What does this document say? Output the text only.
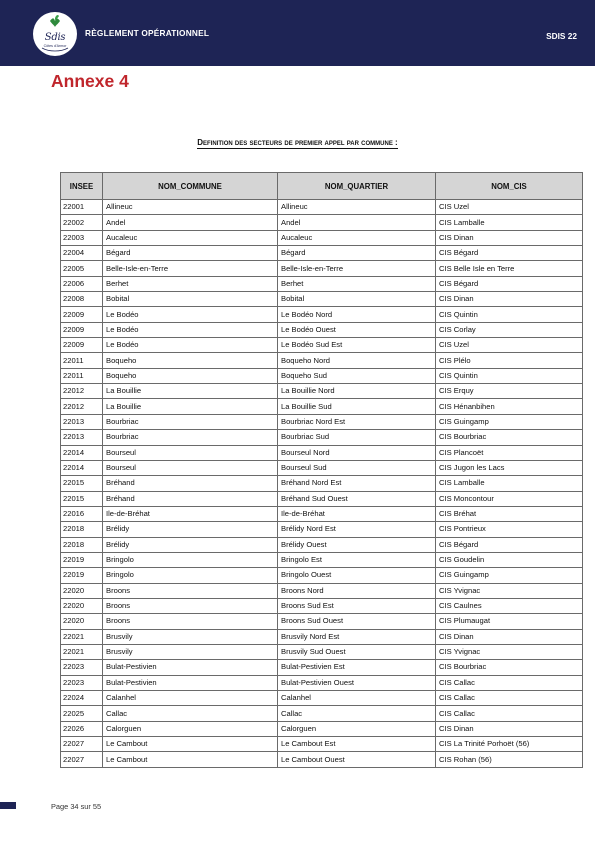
Sdis
Côtes d'Armor
RÈGLEMENT OPÉRATIONNEL	SDIS 22
Annexe 4
Definition des secteurs de premier appel par commune :
INSEE	NOM_COMMUNE	NOM_QUARTIER	NOM_CIS
22001	Allineuc	Allineuc	CIS Uzel
22002	Andel	Andel	CIS Lamballe
22003	Aucaleuc	Aucaleuc	CIS Dinan
22004	Bégard	Bégard	CIS Bégard
22005	Belle-Isle-en-Terre	Belle-Isle-en-Terre	CIS Belle Isle en Terre
22006	Berhet	Berhet	CIS Bégard
22008	Bobital	Bobital	CIS Dinan
22009	Le Bodéo	Le Bodéo Nord	CIS Quintin
22009	Le Bodéo	Le Bodéo Ouest	CIS Corlay
22009	Le Bodéo	Le Bodéo Sud Est	CIS Uzel
22011	Boqueho	Boqueho Nord	CIS Plélo
22011	Boqueho	Boqueho Sud	CIS Quintin
22012	La Bouillie	La Bouillie Nord	CIS Erquy
22012	La Bouillie	La Bouillie Sud	CIS Hénanbihen
22013	Bourbriac	Bourbriac Nord Est	CIS Guingamp
22013	Bourbriac	Bourbriac Sud	CIS Bourbriac
22014	Bourseul	Bourseul Nord	CIS Plancoët
22014	Bourseul	Bourseul Sud	CIS Jugon les Lacs
22015	Bréhand	Bréhand Nord Est	CIS Lamballe
22015	Bréhand	Bréhand Sud Ouest	CIS Moncontour
22016	Ile-de-Bréhat	Ile-de-Bréhat	CIS Bréhat
22018	Brélidy	Brélidy Nord Est	CIS Pontrieux
22018	Brélidy	Brélidy Ouest	CIS Bégard
22019	Bringolo	Bringolo Est	CIS Goudelin
22019	Bringolo	Bringolo Ouest	CIS Guingamp
22020	Broons	Broons Nord	CIS Yvignac
22020	Broons	Broons Sud Est	CIS Caulnes
22020	Broons	Broons Sud Ouest	CIS Plumaugat
22021	Brusvily	Brusvily Nord Est	CIS Dinan
22021	Brusvily	Brusvily Sud Ouest	CIS Yvignac
22023	Bulat-Pestivien	Bulat-Pestivien Est	CIS Bourbriac
22023	Bulat-Pestivien	Bulat-Pestivien Ouest	CIS Callac
22024	Calanhel	Calanhel	CIS Callac
22025	Callac	Callac	CIS Callac
22026	Calorguen	Calorguen	CIS Dinan
22027	Le Cambout	Le Cambout Est	CIS La Trinité Porhoët (56)
22027	Le Cambout	Le Cambout Ouest	CIS Rohan (56)
Page 34 sur 55
